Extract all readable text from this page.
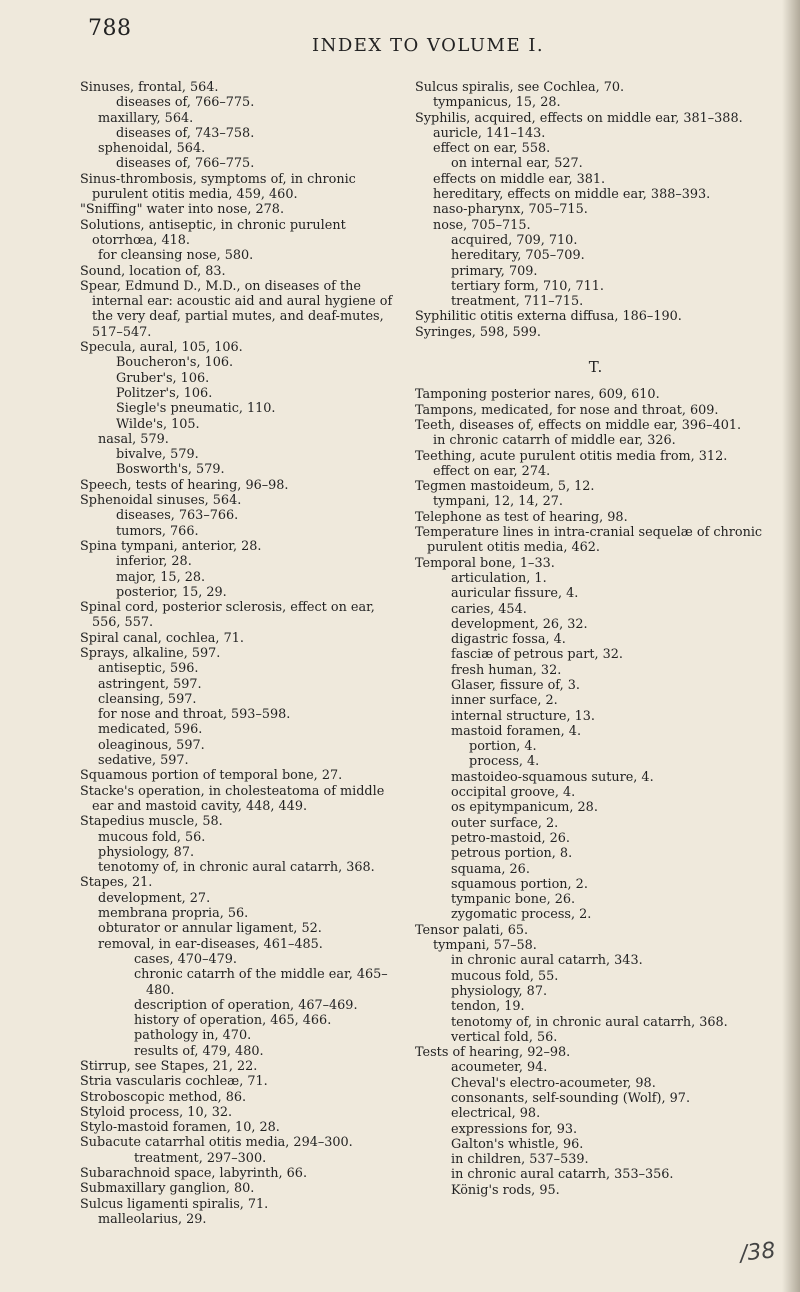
788
INDEX TO VOLUME I.

Sinuses, frontal, 564.

diseases of, 766–775.

maxillary, 564.

diseases of, 743–758.

sphenoidal, 564.

diseases of, 766–775.

Sinus-thrombosis, symptoms of, in chronic purulent otitis media, 459, 460.

"Sniffing" water into nose, 278.

Solutions, antiseptic, in chronic purulent otorrhœa, 418.

for cleansing nose, 580.

Sound, location of, 83.

Spear, Edmund D., M.D., on diseases of the internal ear: acoustic aid and aural hygiene of the very deaf, partial mutes, and deaf-mutes, 517–547.

Specula, aural, 105, 106.

Boucheron's, 106.

Gruber's, 106.

Politzer's, 106.

Siegle's pneumatic, 110.

Wilde's, 105.

nasal, 579.

bivalve, 579.

Bosworth's, 579.

Speech, tests of hearing, 96–98.

Sphenoidal sinuses, 564.

diseases, 763–766.

tumors, 766.

Spina tympani, anterior, 28.

inferior, 28.

major, 15, 28.

posterior, 15, 29.

Spinal cord, posterior sclerosis, effect on ear, 556, 557.

Spiral canal, cochlea, 71.

Sprays, alkaline, 597.

antiseptic, 596.

astringent, 597.

cleansing, 597.

for nose and throat, 593–598.

medicated, 596.

oleaginous, 597.

sedative, 597.

Squamous portion of temporal bone, 27.

Stacke's operation, in cholesteatoma of middle ear and mastoid cavity, 448, 449.

Stapedius muscle, 58.

mucous fold, 56.

physiology, 87.

tenotomy of, in chronic aural catarrh, 368.

Stapes, 21.

development, 27.

membrana propria, 56.

obturator or annular ligament, 52.

removal, in ear-diseases, 461–485.

cases, 470–479.

chronic catarrh of the middle ear, 465–480.

description of operation, 467–469.

history of operation, 465, 466.

pathology in, 470.

results of, 479, 480.

Stirrup, see Stapes, 21, 22.

Stria vascularis cochleæ, 71.

Stroboscopic method, 86.

Styloid process, 10, 32.

Stylo-mastoid foramen, 10, 28.

Subacute catarrhal otitis media, 294–300.

treatment, 297–300.

Subarachnoid space, labyrinth, 66.

Submaxillary ganglion, 80.

Sulcus ligamenti spiralis, 71.

malleolarius, 29.

Sulcus spiralis, see Cochlea, 70.

tympanicus, 15, 28.

Syphilis, acquired, effects on middle ear, 381–388.

auricle, 141–143.

effect on ear, 558.

on internal ear, 527.

effects on middle ear, 381.

hereditary, effects on middle ear, 388–393.

naso-pharynx, 705–715.

nose, 705–715.

acquired, 709, 710.

hereditary, 705–709.

primary, 709.

tertiary form, 710, 711.

treatment, 711–715.

Syphilitic otitis externa diffusa, 186–190.

Syringes, 598, 599.

T.

Tamponing posterior nares, 609, 610.

Tampons, medicated, for nose and throat, 609.

Teeth, diseases of, effects on middle ear, 396–401.

in chronic catarrh of middle ear, 326.

Teething, acute purulent otitis media from, 312.

effect on ear, 274.

Tegmen mastoideum, 5, 12.

tympani, 12, 14, 27.

Telephone as test of hearing, 98.

Temperature lines in intra-cranial sequelæ of chronic purulent otitis media, 462.

Temporal bone, 1–33.

articulation, 1.

auricular fissure, 4.

caries, 454.

development, 26, 32.

digastric fossa, 4.

fasciæ of petrous part, 32.

fresh human, 32.

Glaser, fissure of, 3.

inner surface, 2.

internal structure, 13.

mastoid foramen, 4.

portion, 4.

process, 4.

mastoideo-squamous suture, 4.

occipital groove, 4.

os epitympanicum, 28.

outer surface, 2.

petro-mastoid, 26.

petrous portion, 8.

squama, 26.

squamous portion, 2.

tympanic bone, 26.

zygomatic process, 2.

Tensor palati, 65.

tympani, 57–58.

in chronic aural catarrh, 343.

mucous fold, 55.

physiology, 87.

tendon, 19.

tenotomy of, in chronic aural catarrh, 368.

vertical fold, 56.

Tests of hearing, 92–98.

acoumeter, 94.

Cheval's electro-acoumeter, 98.

consonants, self-sounding (Wolf), 97.

electrical, 98.

expressions for, 93.

Galton's whistle, 96.

in children, 537–539.

in chronic aural catarrh, 353–356.

König's rods, 95.

/38
